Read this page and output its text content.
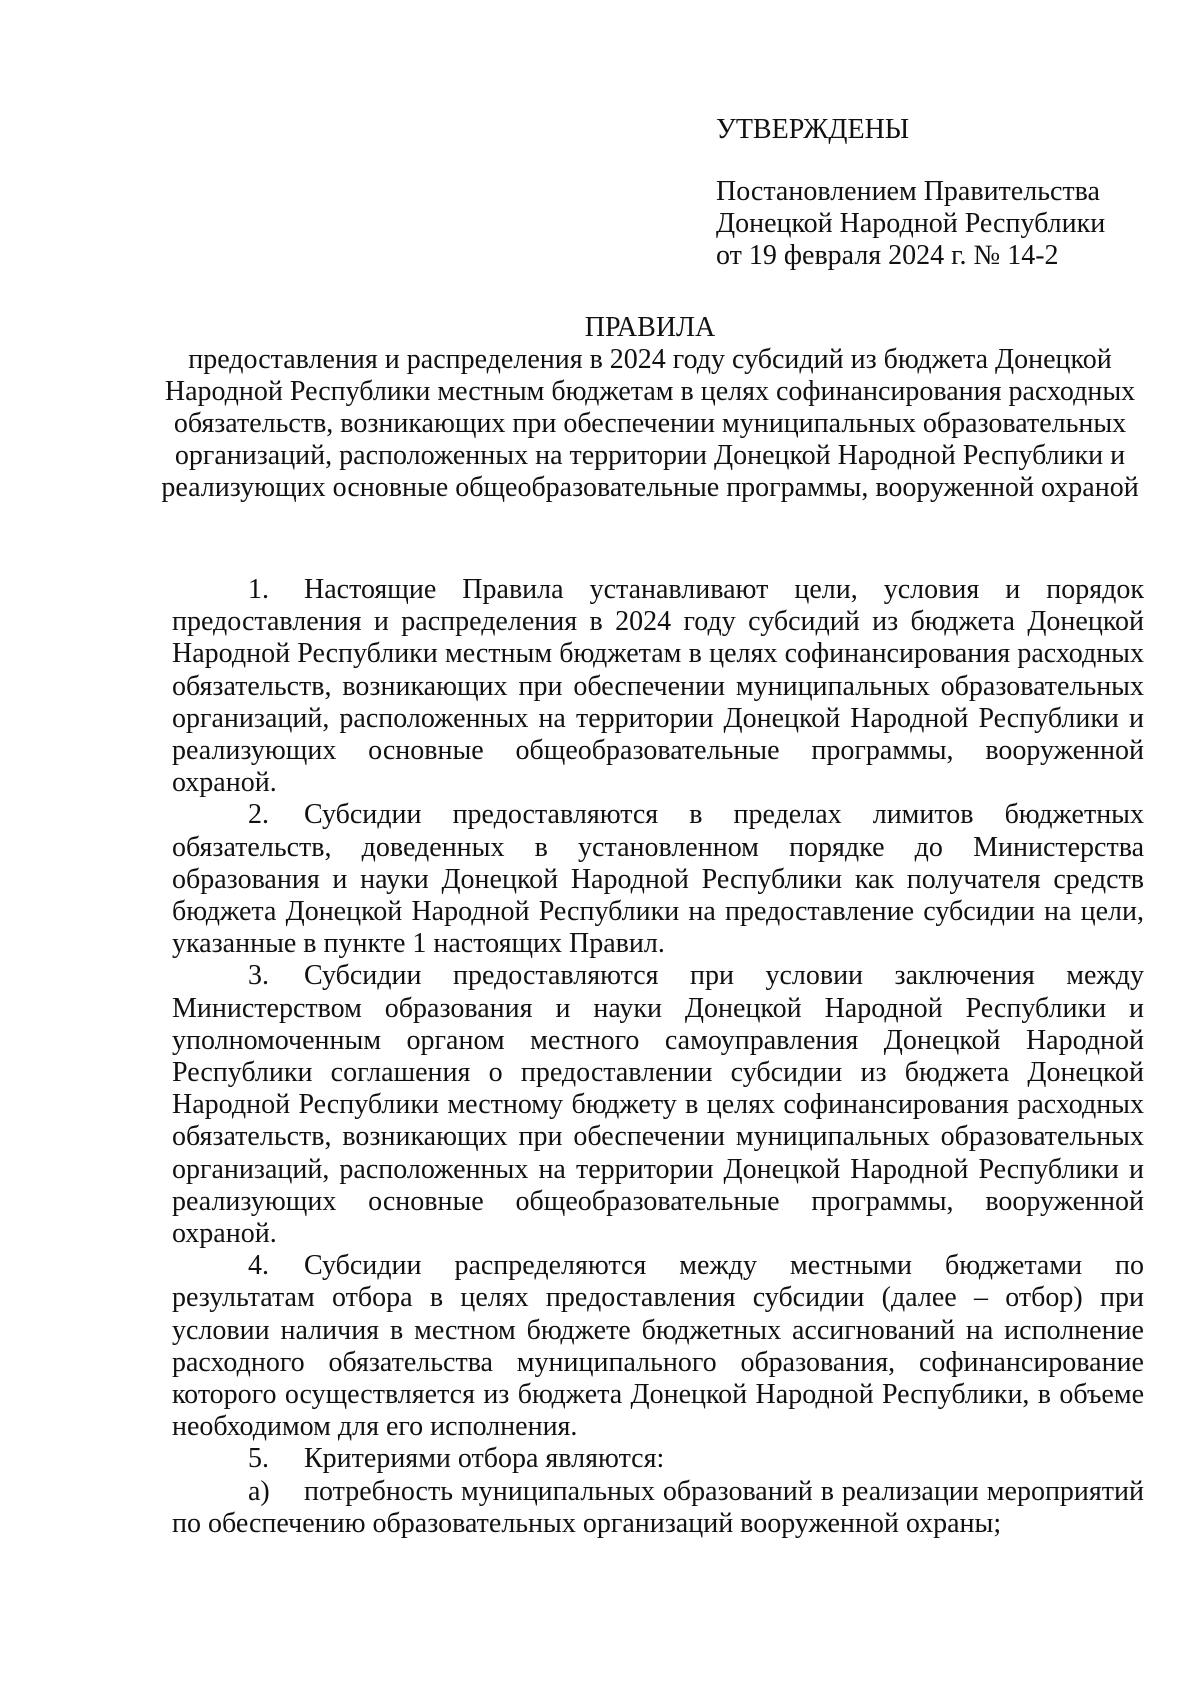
УТВЕРЖДЕНЫ
Постановлением Правительства
Донецкой Народной Республики
от 19 февраля 2024 г. № 14-2
ПРАВИЛА
предоставления и распределения в 2024 году субсидий из бюджета Донецкой Народной Республики местным бюджетам в целях софинансирования расходных обязательств, возникающих при обеспечении муниципальных образовательных организаций, расположенных на территории Донецкой Народной Республики и реализующих основные общеобразовательные программы, вооруженной охраной

1. Настоящие Правила устанавливают цели, условия и порядок предоставления и распределения в 2024 году субсидий из бюджета Донецкой Народной Республики местным бюджетам в целях софинансирования расходных обязательств, возникающих при обеспечении муниципальных образовательных организаций, расположенных на территории Донецкой Народной Республики и реализующих основные общеобразовательные программы, вооруженной охраной.

2. Субсидии предоставляются в пределах лимитов бюджетных обязательств, доведенных в установленном порядке до Министерства образования и науки Донецкой Народной Республики как получателя средств бюджета Донецкой Народной Республики на предоставление субсидии на цели, указанные в пункте 1 настоящих Правил.

3. Субсидии предоставляются при условии заключения между Министерством образования и науки Донецкой Народной Республики и уполномоченным органом местного самоуправления Донецкой Народной Республики соглашения о предоставлении субсидии из бюджета Донецкой Народной Республики местному бюджету в целях софинансирования расходных обязательств, возникающих при обеспечении муниципальных образовательных организаций, расположенных на территории Донецкой Народной Республики и реализующих основные общеобразовательные программы, вооруженной охраной.

4. Субсидии распределяются между местными бюджетами по результатам отбора в целях предоставления субсидии (далее – отбор) при условии наличия в местном бюджете бюджетных ассигнований на исполнение расходного обязательства муниципального образования, софинансирование которого осуществляется из бюджета Донецкой Народной Республики, в объеме необходимом для его исполнения.

5. Критериями отбора являются:

а) потребность муниципальных образований в реализации мероприятий по обеспечению образовательных организаций вооруженной охраны;
